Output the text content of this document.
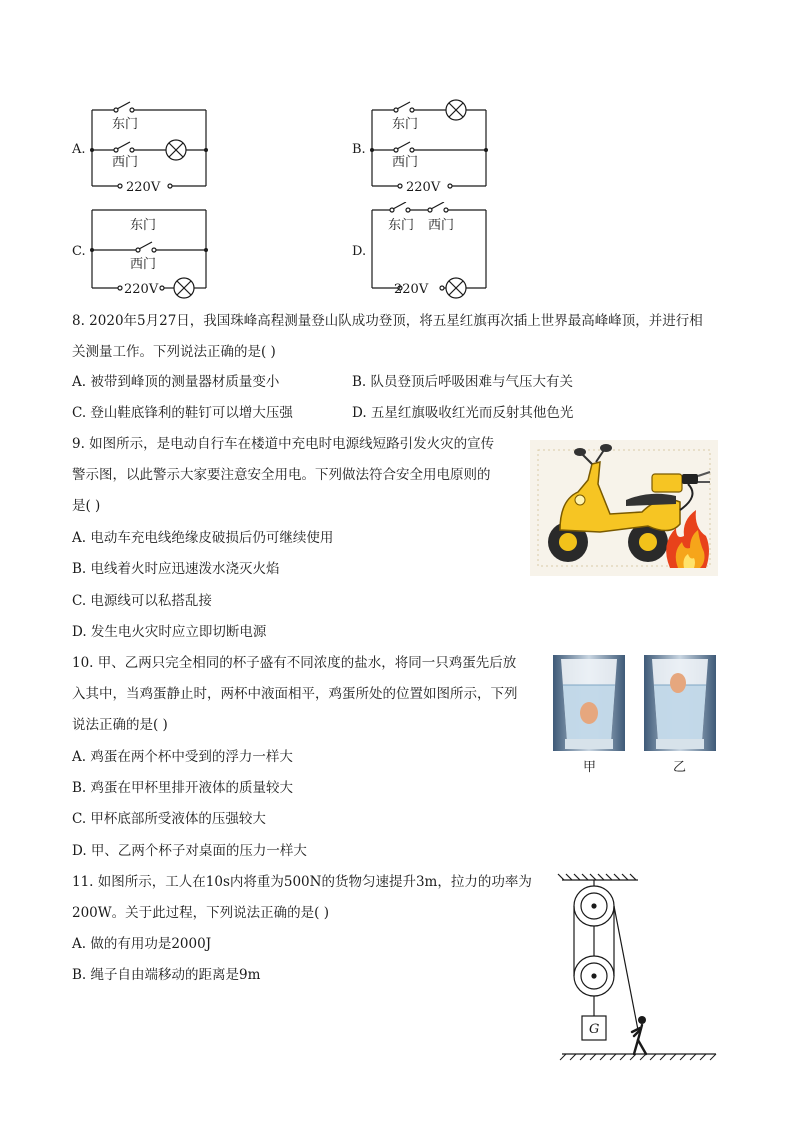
A.
东门
西门
220V
B.
东门
西门
220V
C.
东门
西门
220V
D.
东门 西门
220V
8. 2020年5月27日，我国珠峰高程测量登山队成功登顶，将五星红旗再次插上世界最高峰峰顶，并进行相
关测量工作。下列说法正确的是( )
A. 被带到峰顶的测量器材质量变小	B. 队员登顶后呼吸困难与气压大有关
C. 登山鞋底锋利的鞋钉可以增大压强	D. 五星红旗吸收红光而反射其他色光
9. 如图所示，是电动自行车在楼道中充电时电源线短路引发火灾的宣传
警示图，以此警示大家要注意安全用电。下列做法符合安全用电原则的
是( )
A. 电动车充电线绝缘皮破损后仍可继续使用
B. 电线着火时应迅速泼水浇灭火焰
C. 电源线可以私搭乱接
D. 发生电火灾时应立即切断电源
10. 甲、乙两只完全相同的杯子盛有不同浓度的盐水，将同一只鸡蛋先后放
入其中，当鸡蛋静止时，两杯中液面相平，鸡蛋所处的位置如图所示，下列
说法正确的是( )
A. 鸡蛋在两个杯中受到的浮力一样大
B. 鸡蛋在甲杯里排开液体的质量较大
C. 甲杯底部所受液体的压强较大
D. 甲、乙两个杯子对桌面的压力一样大
甲	乙
11. 如图所示，工人在10s内将重为500N的货物匀速提升3m，拉力的功率为
200W。关于此过程，下列说法正确的是( )
A. 做的有用功是2000J
B. 绳子自由端移动的距离是9m
G
